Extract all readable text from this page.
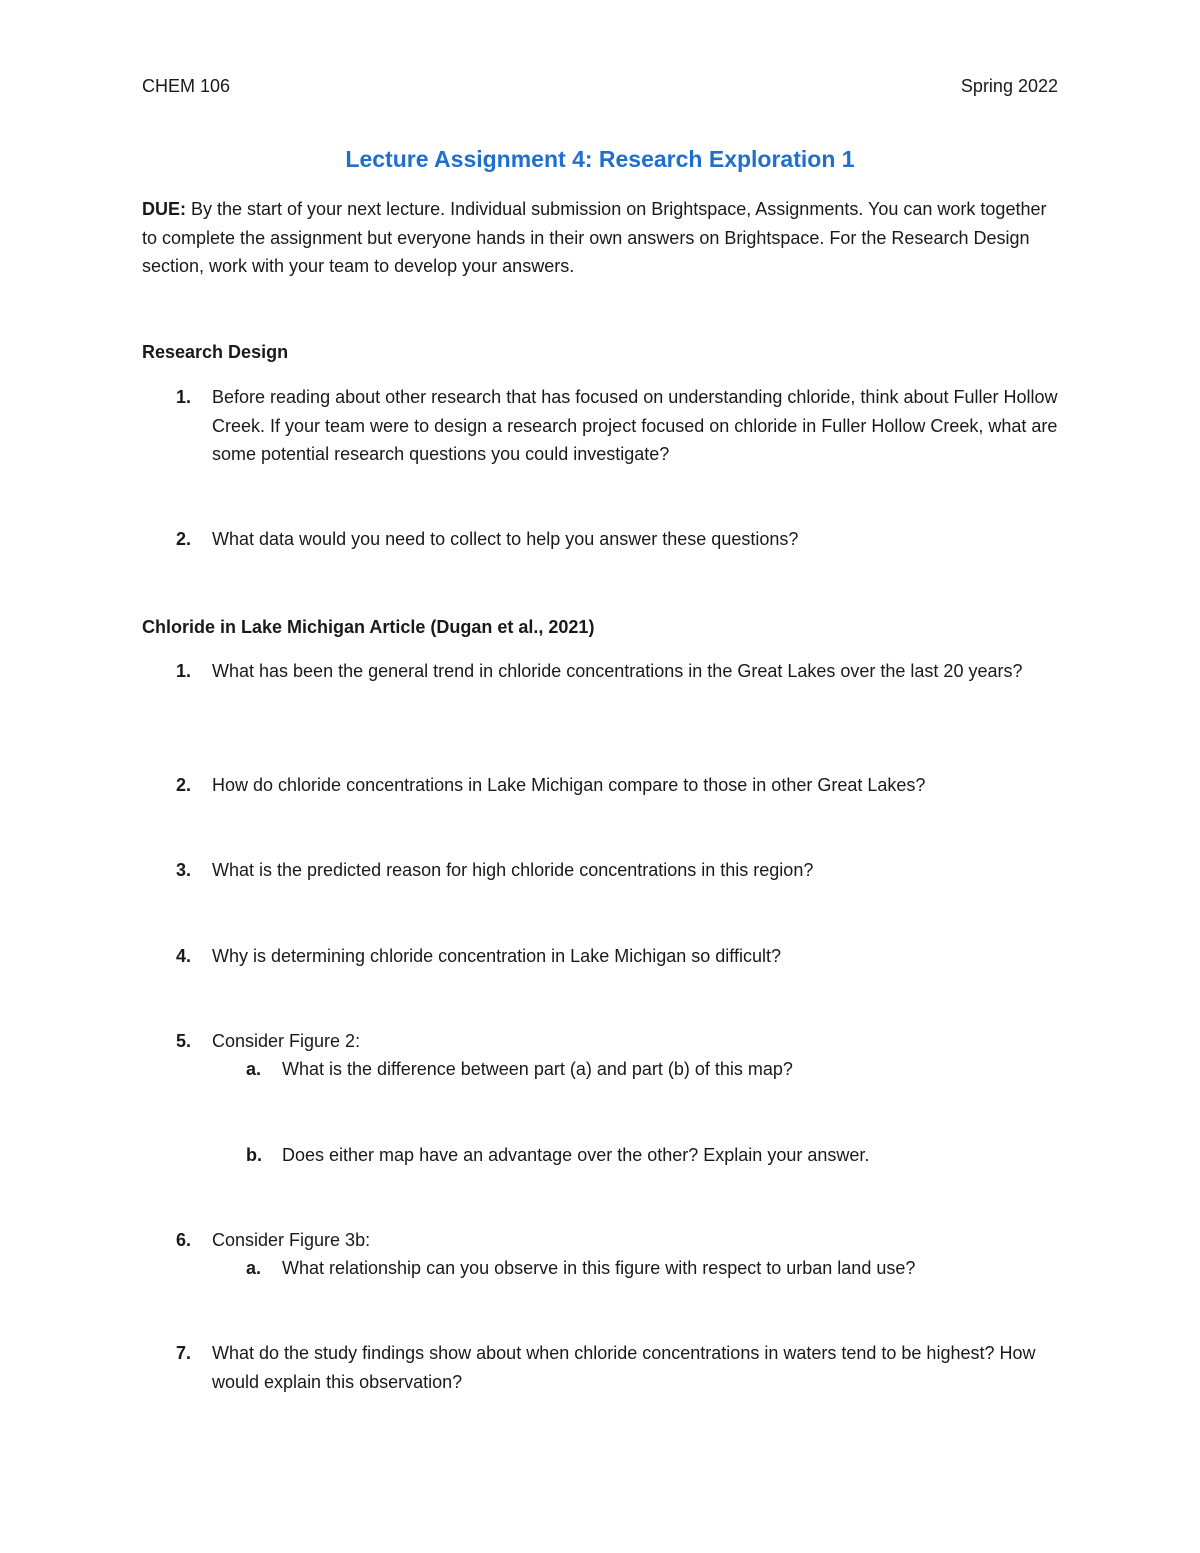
CHEM 106	Spring 2022
Lecture Assignment 4: Research Exploration 1
DUE: By the start of your next lecture. Individual submission on Brightspace, Assignments. You can work together to complete the assignment but everyone hands in their own answers on Brightspace. For the Research Design section, work with your team to develop your answers.
Research Design
1. Before reading about other research that has focused on understanding chloride, think about Fuller Hollow Creek. If your team were to design a research project focused on chloride in Fuller Hollow Creek, what are some potential research questions you could investigate?
2. What data would you need to collect to help you answer these questions?
Chloride in Lake Michigan Article (Dugan et al., 2021)
1. What has been the general trend in chloride concentrations in the Great Lakes over the last 20 years?
2. How do chloride concentrations in Lake Michigan compare to those in other Great Lakes?
3. What is the predicted reason for high chloride concentrations in this region?
4. Why is determining chloride concentration in Lake Michigan so difficult?
5. Consider Figure 2:
a. What is the difference between part (a) and part (b) of this map?
b. Does either map have an advantage over the other? Explain your answer.
6. Consider Figure 3b:
a. What relationship can you observe in this figure with respect to urban land use?
7. What do the study findings show about when chloride concentrations in waters tend to be highest? How would explain this observation?
